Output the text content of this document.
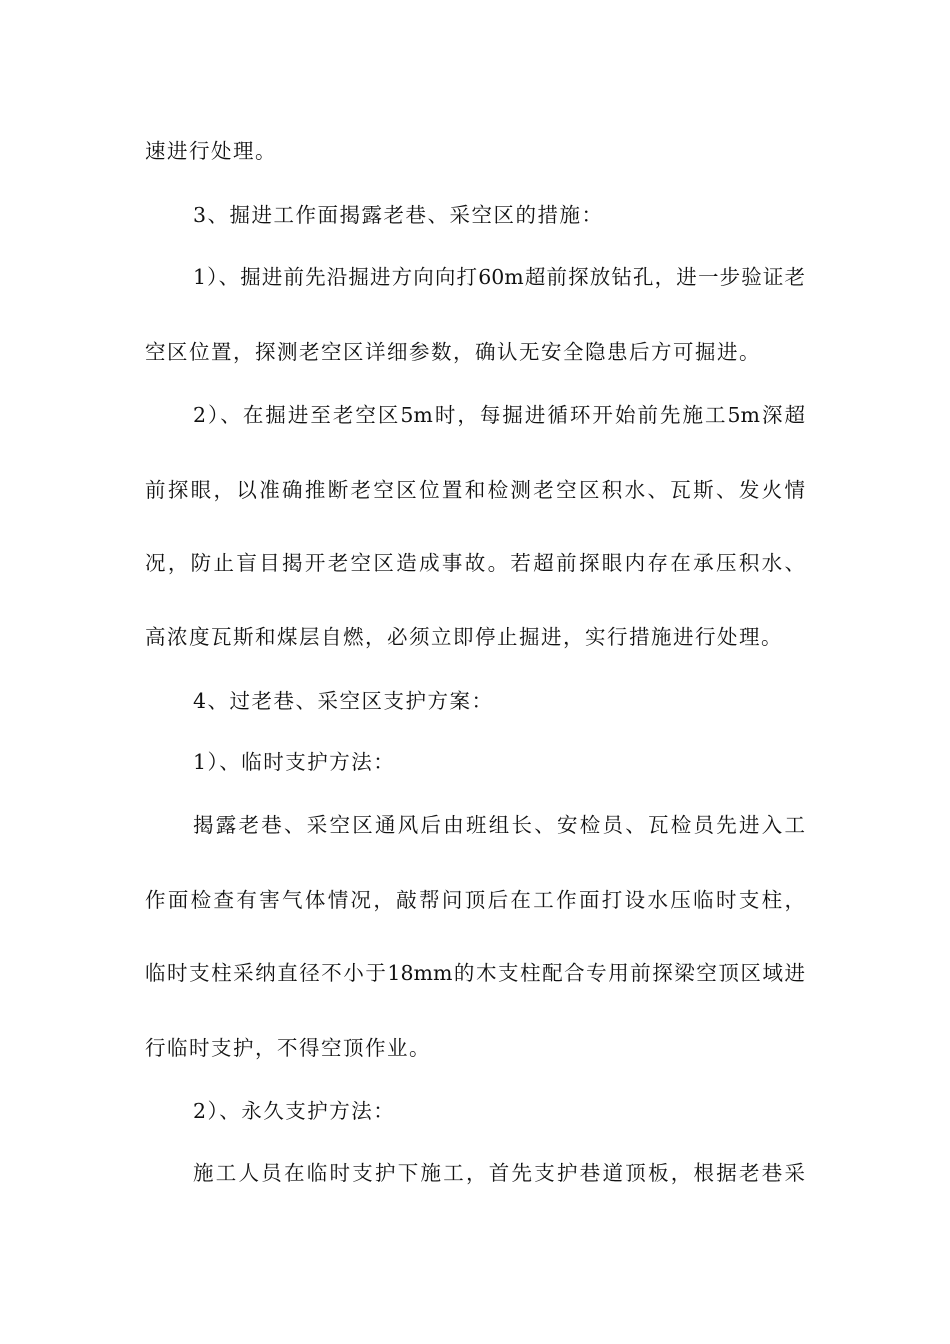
速进行处理。
3、掘进工作面揭露老巷、采空区的措施：
1）、掘进前先沿掘进方向向打60m超前探放钻孔，进一步验证老
空区位置，探测老空区详细参数，确认无安全隐患后方可掘进。
2）、在掘进至老空区5m时，每掘进循环开始前先施工5m深超
前探眼，以准确推断老空区位置和检测老空区积水、瓦斯、发火情
况，防止盲目揭开老空区造成事故。若超前探眼内存在承压积水、
高浓度瓦斯和煤层自燃，必须立即停止掘进，实行措施进行处理。
4、过老巷、采空区支护方案：
1）、临时支护方法：
揭露老巷、采空区通风后由班组长、安检员、瓦检员先进入工
作面检查有害气体情况，敲帮问顶后在工作面打设水压临时支柱，
临时支柱采纳直径不小于18mm的木支柱配合专用前探梁空顶区域进
行临时支护，不得空顶作业。
2）、永久支护方法：
施工人员在临时支护下施工，首先支护巷道顶板，根据老巷采
